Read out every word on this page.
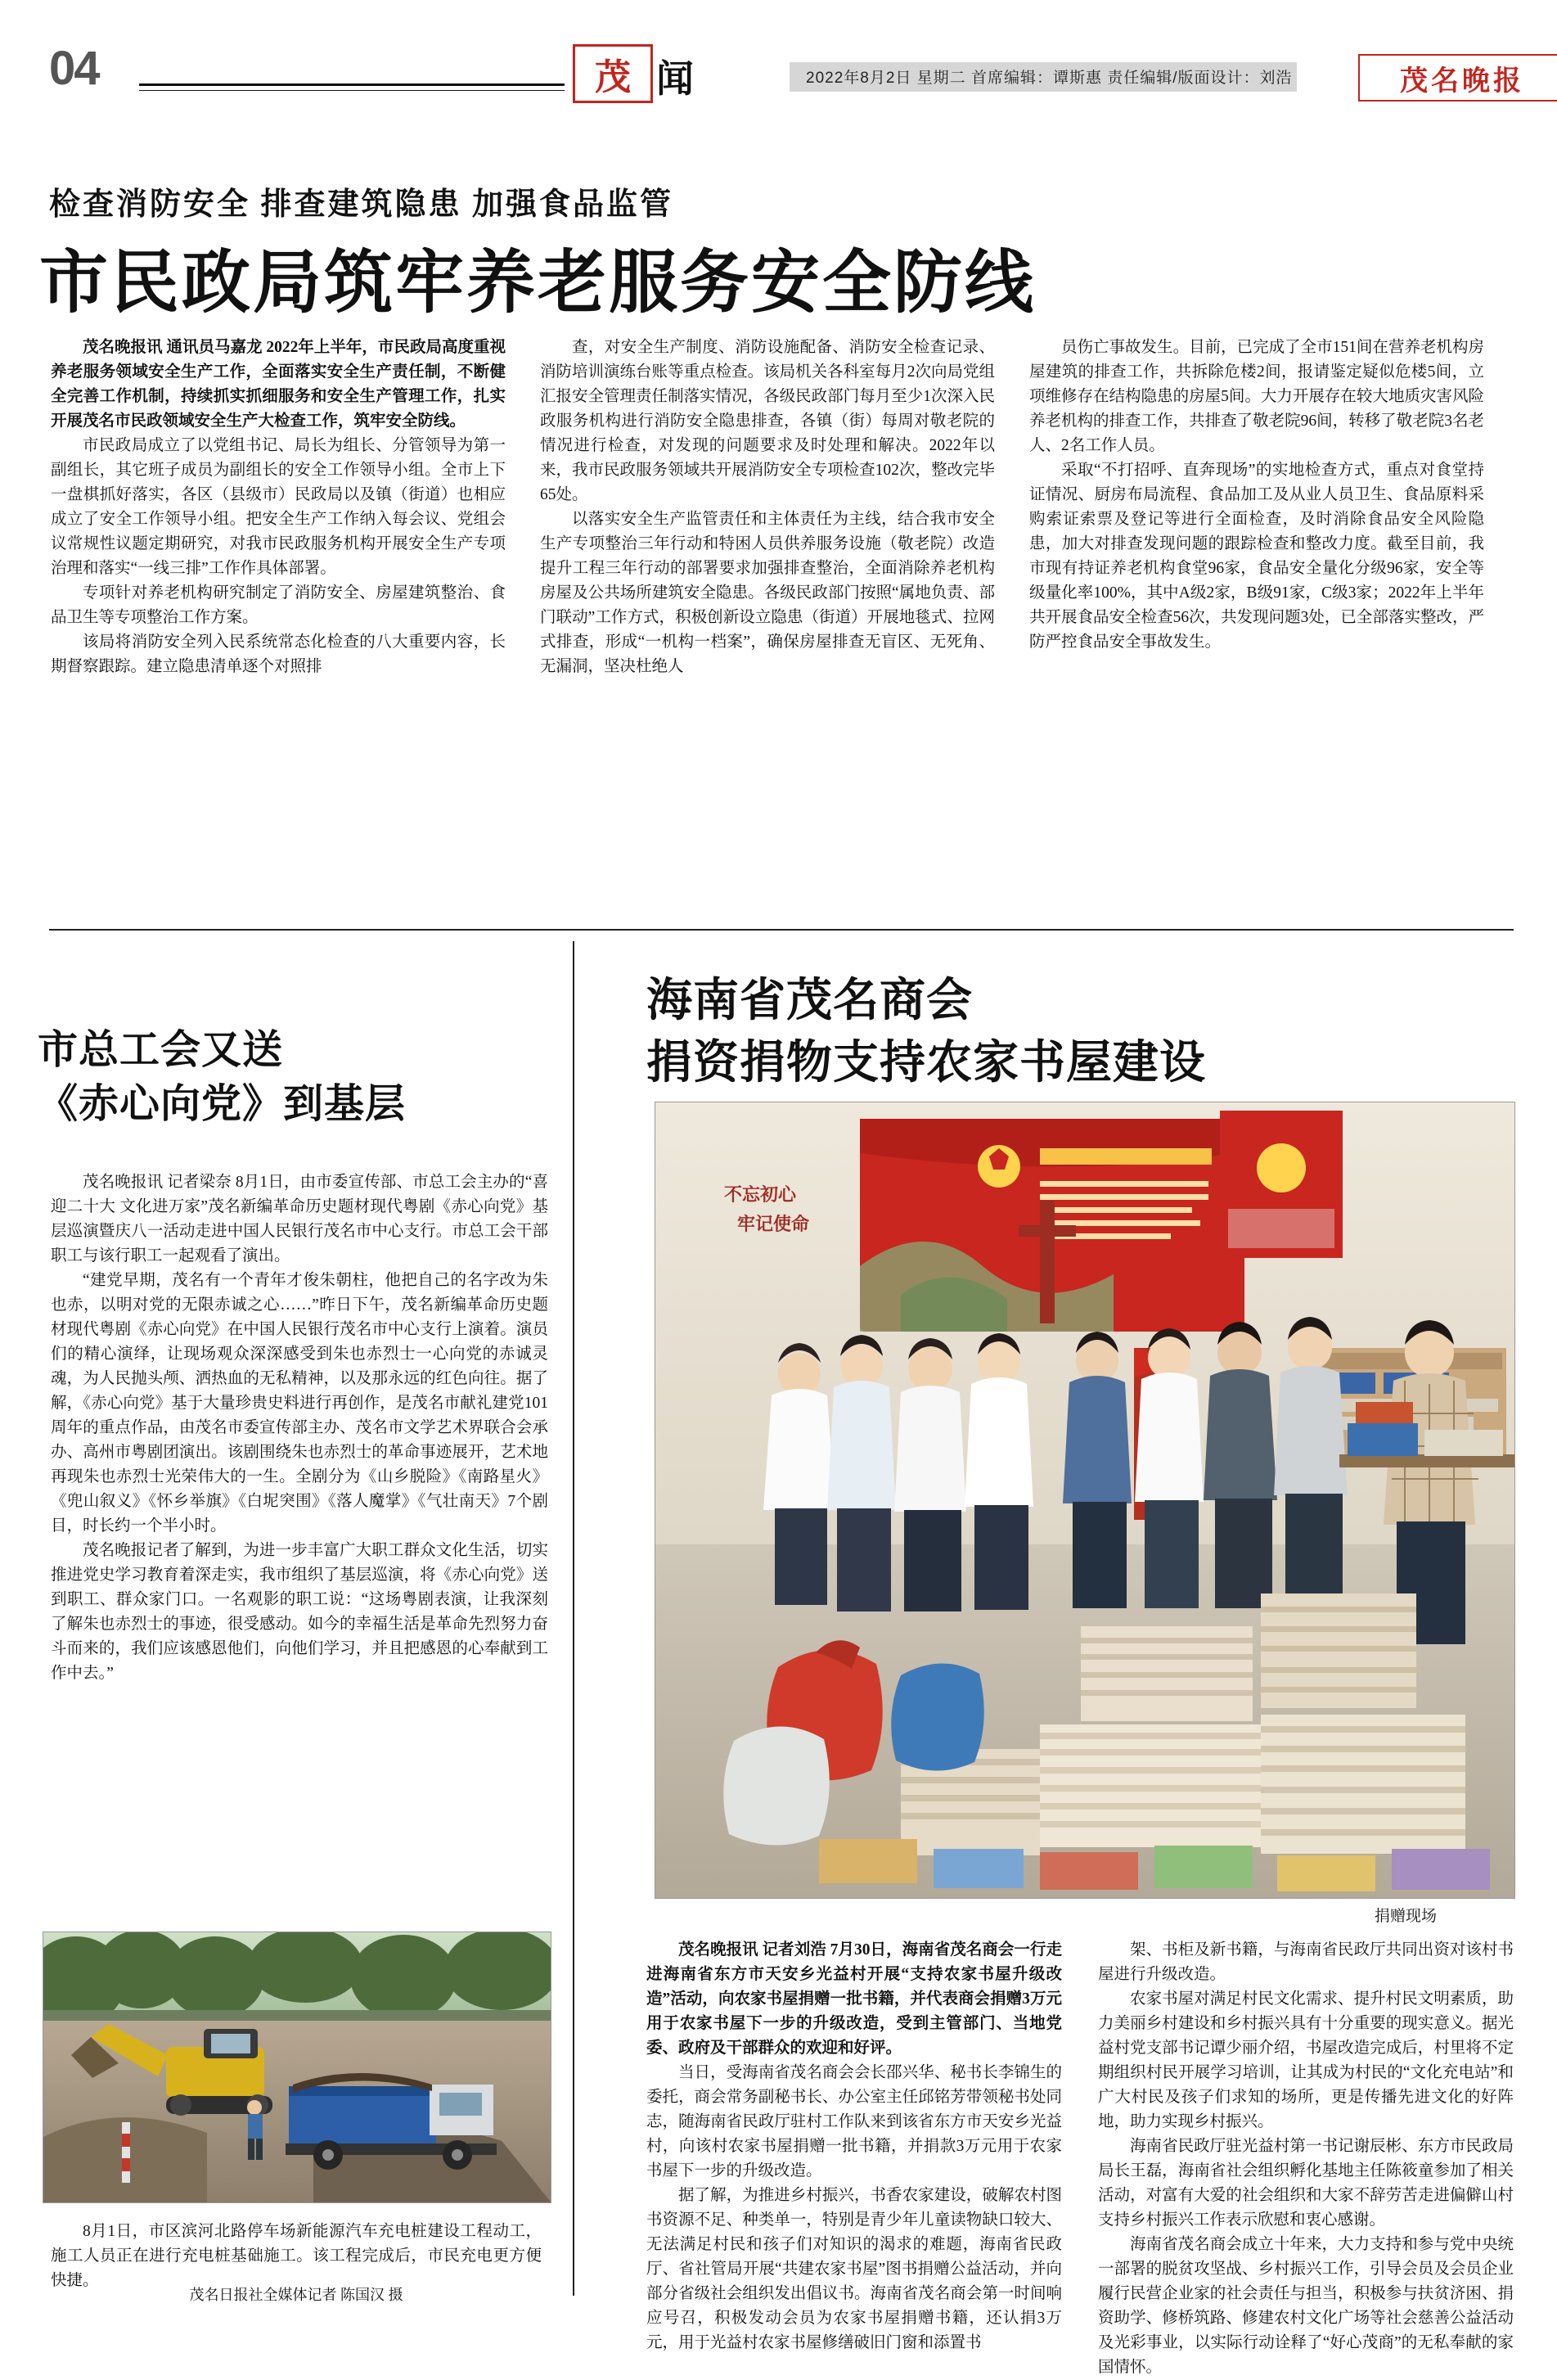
04	茂 闻	2022年8月2日 星期二 首席编辑：谭斯惠 责任编辑/版面设计：刘浩	茂名晚报
检查消防安全 排查建筑隐患 加强食品监管
市民政局筑牢养老服务安全防线

茂名晚报讯 通讯员马嘉龙 2022年上半年，市民政局高度重视养老服务领域安全生产工作，全面落实安全生产责任制，不断健全完善工作机制，持续抓实抓细服务和安全生产管理工作，扎实开展茂名市民政领域安全生产大检查工作，筑牢安全防线。

市民政局成立了以党组书记、局长为组长、分管领导为第一副组长，其它班子成员为副组长的安全工作领导小组。全市上下一盘棋抓好落实，各区（县级市）民政局以及镇（街道）也相应成立了安全工作领导小组。把安全生产工作纳入每会议、党组会议常规性议题定期研究，对我市民政服务机构开展安全生产专项治理和落实“一线三排”工作作具体部署。

专项针对养老机构研究制定了消防安全、房屋建筑整治、食品卫生等专项整治工作方案。

该局将消防安全列入民系统常态化检查的八大重要内容，长期督察跟踪。建立隐患清单逐个对照排

查，对安全生产制度、消防设施配备、消防安全检查记录、消防培训演练台账等重点检查。该局机关各科室每月2次向局党组汇报安全管理责任制落实情况，各级民政部门每月至少1次深入民政服务机构进行消防安全隐患排查，各镇（街）每周对敬老院的情况进行检查，对发现的问题要求及时处理和解决。2022年以来，我市民政服务领域共开展消防安全专项检查102次，整改完毕65处。

以落实安全生产监管责任和主体责任为主线，结合我市安全生产专项整治三年行动和特困人员供养服务设施（敬老院）改造提升工程三年行动的部署要求加强排查整治，全面消除养老机构房屋及公共场所建筑安全隐患。各级民政部门按照“属地负责、部门联动”工作方式，积极创新设立隐患（街道）开展地毯式、拉网式排查，形成“一机构一档案”，确保房屋排查无盲区、无死角、无漏洞，坚决杜绝人

员伤亡事故发生。目前，已完成了全市151间在营养老机构房屋建筑的排查工作，共拆除危楼2间，报请鉴定疑似危楼5间，立项维修存在结构隐患的房屋5间。大力开展存在较大地质灾害风险养老机构的排查工作，共排查了敬老院96间，转移了敬老院3名老人、2名工作人员。

采取“不打招呼、直奔现场”的实地检查方式，重点对食堂持证情况、厨房布局流程、食品加工及从业人员卫生、食品原料采购索证索票及登记等进行全面检查，及时消除食品安全风险隐患，加大对排查发现问题的跟踪检查和整改力度。截至目前，我市现有持证养老机构食堂96家，食品安全量化分级96家，安全等级量化率100%，其中A级2家，B级91家，C级3家；2022年上半年共开展食品安全检查56次，共发现问题3处，已全部落实整改，严防严控食品安全事故发生。

市总工会又送
《赤心向党》到基层

茂名晚报讯 记者梁奈 8月1日，由市委宣传部、市总工会主办的“喜迎二十大 文化进万家”茂名新编革命历史题材现代粤剧《赤心向党》基层巡演暨庆八一活动走进中国人民银行茂名市中心支行。市总工会干部职工与该行职工一起观看了演出。

“建党早期，茂名有一个青年才俊朱朝柱，他把自己的名字改为朱也赤，以明对党的无限赤诚之心……”昨日下午，茂名新编革命历史题材现代粤剧《赤心向党》在中国人民银行茂名市中心支行上演着。演员们的精心演绎，让现场观众深深感受到朱也赤烈士一心向党的赤诚灵魂，为人民抛头颅、洒热血的无私精神，以及那永远的红色向往。据了解，《赤心向党》基于大量珍贵史料进行再创作，是茂名市献礼建党101周年的重点作品，由茂名市委宣传部主办、茂名市文学艺术界联合会承办、高州市粤剧团演出。该剧围绕朱也赤烈士的革命事迹展开，艺术地再现朱也赤烈士光荣伟大的一生。全剧分为《山乡脱险》《南路星火》《兜山叙义》《怀乡举旗》《白坭突围》《落人魔掌》《气壮南天》7个剧目，时长约一个半小时。

茂名晚报记者了解到，为进一步丰富广大职工群众文化生活，切实推进党史学习教育着深走实，我市组织了基层巡演，将《赤心向党》送到职工、群众家门口。一名观影的职工说：“这场粤剧表演，让我深刻了解朱也赤烈士的事迹，很受感动。如今的幸福生活是革命先烈努力奋斗而来的，我们应该感恩他们，向他们学习，并且把感恩的心奉献到工作中去。”

8月1日，市区滨河北路停车场新能源汽车充电桩建设工程动工，施工人员正在进行充电桩基础施工。该工程完成后，市民充电更方便快捷。

茂名日报社全媒体记者 陈国汉 摄
海南省茂名商会
捐资捐物支持农家书屋建设
不忘初心
牢记使命
捐赠现场

茂名晚报讯 记者刘浩 7月30日，海南省茂名商会一行走进海南省东方市天安乡光益村开展“支持农家书屋升级改造”活动，向农家书屋捐赠一批书籍，并代表商会捐赠3万元用于农家书屋下一步的升级改造，受到主管部门、当地党委、政府及干部群众的欢迎和好评。

当日，受海南省茂名商会会长邵兴华、秘书长李锦生的委托，商会常务副秘书长、办公室主任邱铭芳带领秘书处同志，随海南省民政厅驻村工作队来到该省东方市天安乡光益村，向该村农家书屋捐赠一批书籍，并捐款3万元用于农家书屋下一步的升级改造。

据了解，为推进乡村振兴，书香农家建设，破解农村图书资源不足、种类单一，特别是青少年儿童读物缺口较大、无法满足村民和孩子们对知识的渴求的难题，海南省民政厅、省社管局开展“共建农家书屋”图书捐赠公益活动，并向部分省级社会组织发出倡议书。海南省茂名商会第一时间响应号召，积极发动会员为农家书屋捐赠书籍，还认捐3万元，用于光益村农家书屋修缮破旧门窗和添置书

架、书柜及新书籍，与海南省民政厅共同出资对该村书屋进行升级改造。

农家书屋对满足村民文化需求、提升村民文明素质，助力美丽乡村建设和乡村振兴具有十分重要的现实意义。据光益村党支部书记谭少丽介绍，书屋改造完成后，村里将不定期组织村民开展学习培训，让其成为村民的“文化充电站”和广大村民及孩子们求知的场所，更是传播先进文化的好阵地，助力实现乡村振兴。

海南省民政厅驻光益村第一书记谢辰彬、东方市民政局局长王磊，海南省社会组织孵化基地主任陈筱童参加了相关活动，对富有大爱的社会组织和大家不辞劳苦走进偏僻山村支持乡村振兴工作表示欣慰和衷心感谢。

海南省茂名商会成立十年来，大力支持和参与党中央统一部署的脱贫攻坚战、乡村振兴工作，引导会员及会员企业履行民营企业家的社会责任与担当，积极参与扶贫济困、捐资助学、修桥筑路、修建农村文化广场等社会慈善公益活动及光彩事业，以实际行动诠释了“好心茂商”的无私奉献的家国情怀。
